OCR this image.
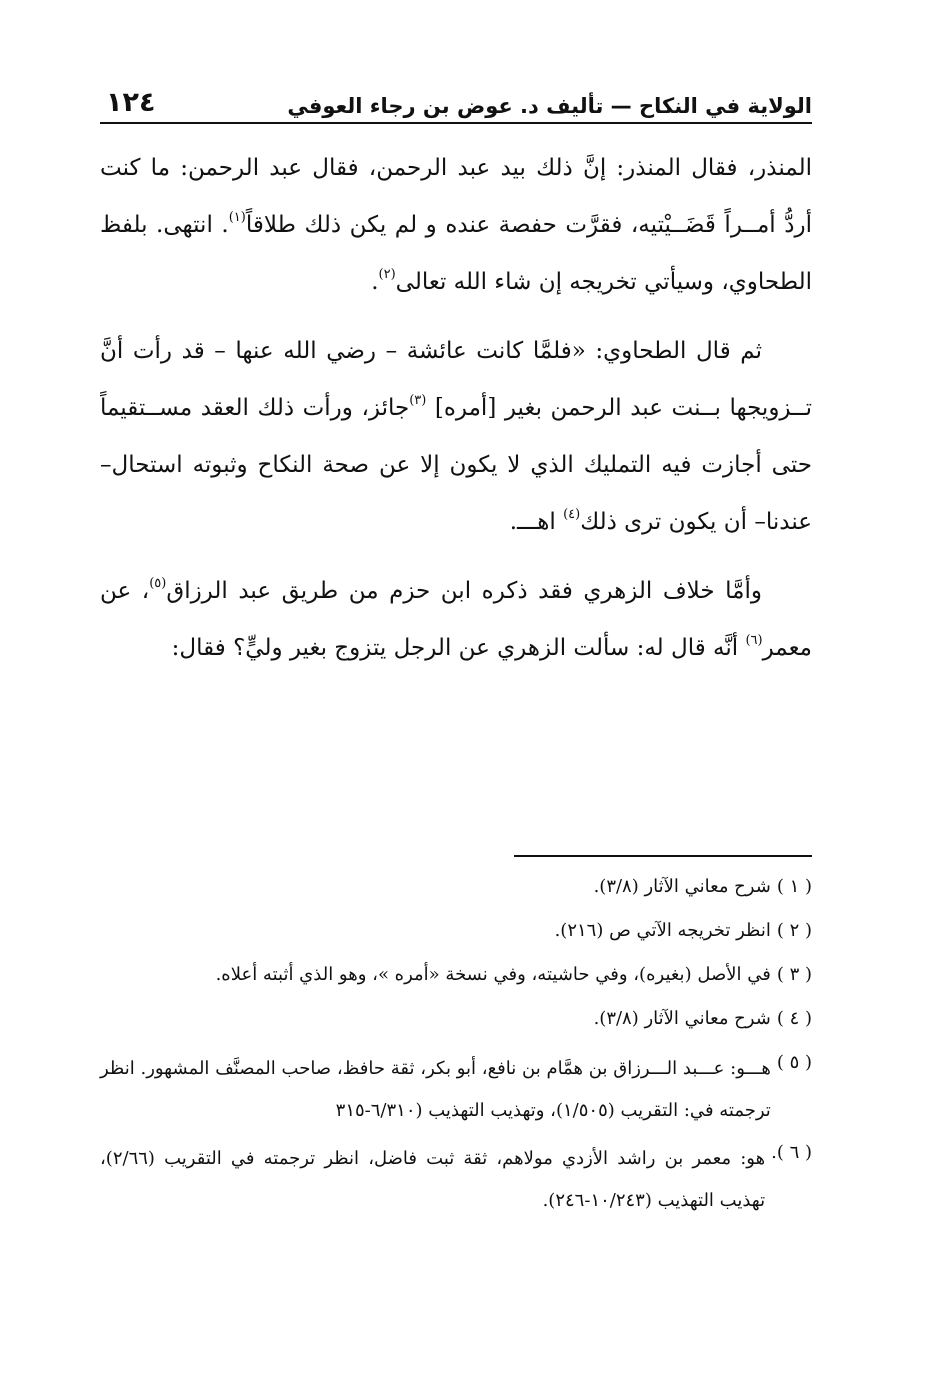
١٢٤	الولاية في النكاح — تأليف د. عوض بن رجاء العوفي

المنذر، فقال المنذر: إنَّ ذلك بيد عبد الرحمن، فقال عبد الرحمن: ما كنت أردُّ أمــراً قَضَــيْتيه، فقرَّت حفصة عنده و لم يكن ذلك طلاقاً$^{(١)}$. انتهى. بلفظ الطحاوي، وسيأتي تخريجه إن شاء الله تعالى$^{(٢)}$.

ثم قال الطحاوي: «فلمَّا كانت عائشة – رضي الله عنها – قد رأت أنَّ تــزويجها بــنت عبد الرحمن بغير [أمره] $^{(٣)}$جائز، ورأت ذلك العقد مســتقيماً حتى أجازت فيه التمليك الذي لا يكون إلا عن صحة النكاح وثبوته استحال– عندنا– أن يكون ترى ذلك$^{(٤)}$ اهـــ.

وأمَّا خلاف الزهري فقد ذكره ابن حزم من طريق عبد الرزاق$^{(٥)}$، عن معمر$^{(٦)}$ أنَّه قال له: سألت الزهري عن الرجل يتزوج بغير وليٍّ؟ فقال:

( ١ )
شرح معاني الآثار (٣/٨).
( ٢ )
انظر تخريجه الآتي ص (٢١٦).
( ٣ )
في الأصل (بغيره)، وفي حاشيته، وفي نسخة «أمره »، وهو الذي أثبته أعلاه.
( ٤ )
شرح معاني الآثار (٣/٨).
( ٥ )
هـــو: عـــبد الـــرزاق بن همَّام بن نافع، أبو بكر، ثقة حافظ، صاحب المصنَّف المشهور. انظر ترجمته في: التقريب (١/٥٠٥)، وتهذيب التهذيب (٦/٣١٠-٣١٥
( ٦ ).
هو: معمر بن راشد الأزدي مولاهم، ثقة ثبت فاضل، انظر ترجمته في التقريب (٢/٦٦)، تهذيب التهذيب (١٠/٢٤٣-٢٤٦).
